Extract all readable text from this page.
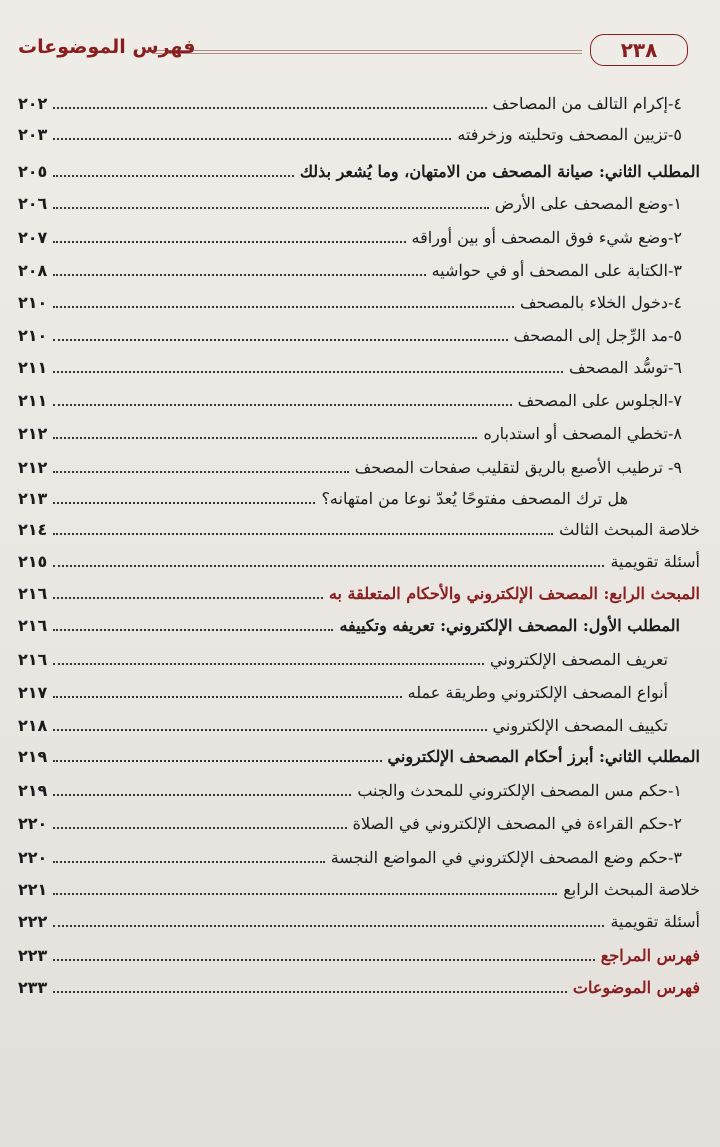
فهرس الموضوعات	٢٣٨
٤-إكرام التالف من المصاحف
٢٠٢
٥-تزيين المصحف وتحليته وزخرفته
٢٠٣
المطلب الثاني: صيانة المصحف من الامتهان، وما يُشعر بذلك
٢٠٥
١-وضع المصحف على الأرض
٢٠٦
٢-وضع شيء فوق المصحف أو بين أوراقه
٢٠٧
٣-الكتابة على المصحف أو في حواشيه
٢٠٨
٤-دخول الخلاء بالمصحف
٢١٠
٥-مد الرِّجل إلى المصحف
٢١٠
٦-توسُّد المصحف
٢١١
٧-الجلوس على المصحف
٢١١
٨-تخطي المصحف أو استدباره
٢١٢
٩- ترطيب الأصبع بالريق لتقليب صفحات المصحف
٢١٢
هل ترك المصحف مفتوحًا يُعدّ نوعا من امتهانه؟
٢١٣
خلاصة المبحث الثالث
٢١٤
أسئلة تقويمية
٢١٥
المبحث الرابع: المصحف الإلكتروني والأحكام المتعلقة به
٢١٦
المطلب الأول: المصحف الإلكتروني: تعريفه وتكييفه
٢١٦
تعريف المصحف الإلكتروني
٢١٦
أنواع المصحف الإلكتروني وطريقة عمله
٢١٧
تكييف المصحف الإلكتروني
٢١٨
المطلب الثاني: أبرز أحكام المصحف الإلكتروني
٢١٩
١-حكم مس المصحف الإلكتروني للمحدث والجنب
٢١٩
٢-حكم القراءة في المصحف الإلكتروني في الصلاة
٢٢٠
٣-حكم وضع المصحف الإلكتروني في المواضع النجسة
٢٢٠
خلاصة المبحث الرابع
٢٢١
أسئلة تقويمية
٢٢٢
فهرس المراجع
٢٢٣
فهرس الموضوعات
٢٣٣
